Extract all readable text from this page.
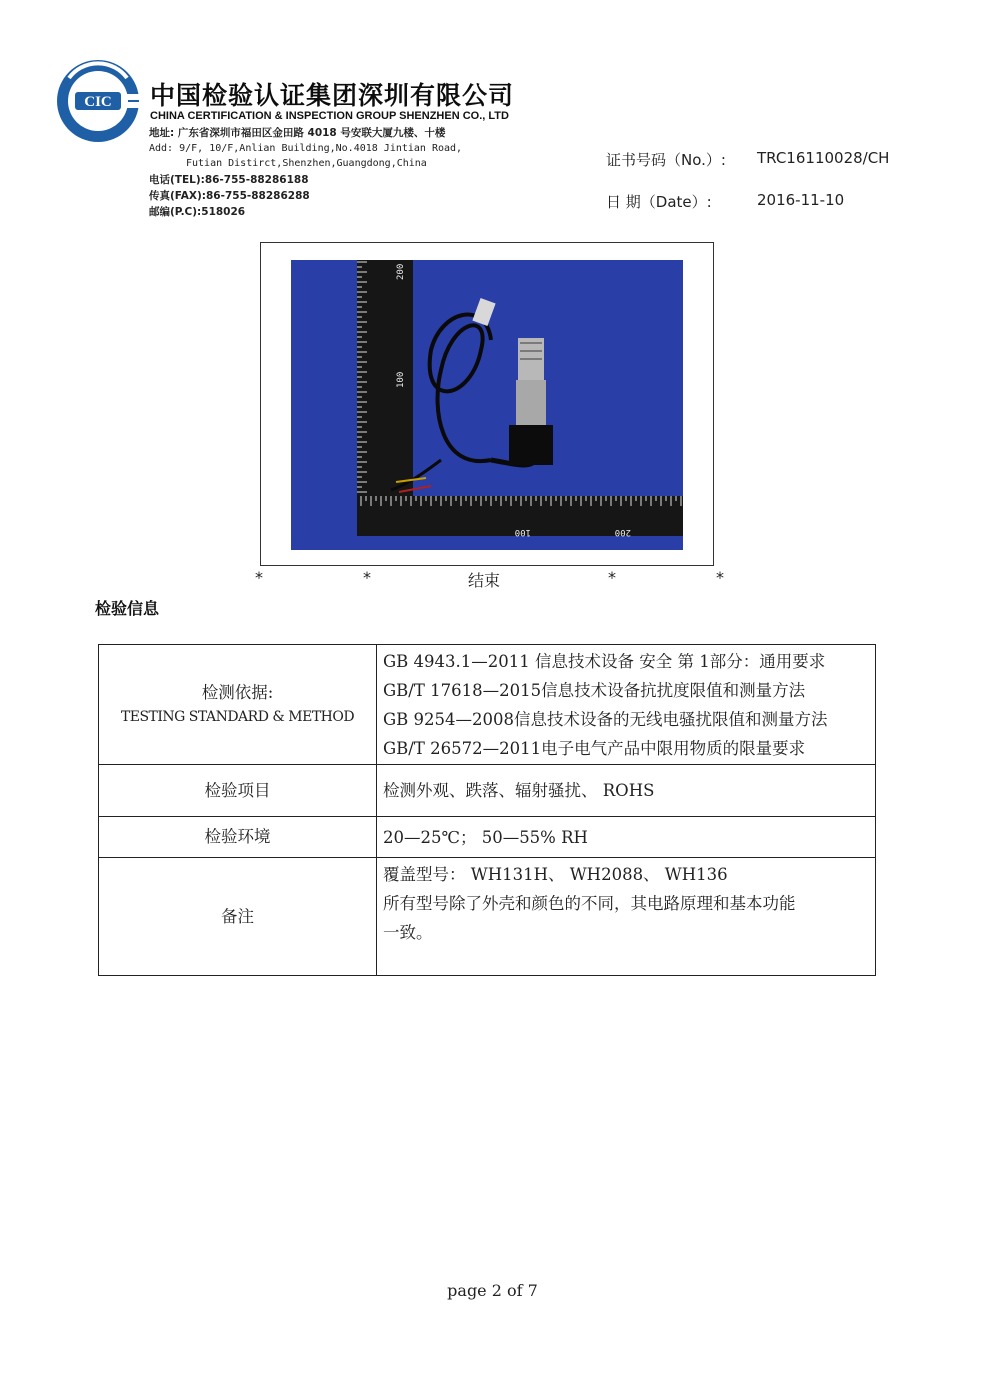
CIC 中国检验认证集团深圳有限公司
CHINA CERTIFICATION & INSPECTION GROUP SHENZHEN CO., LTD
地址: 广东省深圳市福田区金田路 4018 号安联大厦九楼、十楼
Add: 9/F, 10/F,Anlian Building,No.4018 Jintian Road,
Futian Distirct,Shenzhen,Guangdong,China
电话(TEL):86-755-88286188
传真(FAX):86-755-88286288
邮编(P.C):518026
证书号码（No.）: TRC16110028/CH
日 期（Date）:	2016-11-10
200
100
100	200
*	*	结束	*	*
检验信息
检测依据:
TESTING STANDARD & METHOD	GB 4943.1—2011 信息技术设备 安全 第 1部分：通用要求
GB/T 17618—2015信息技术设备抗扰度限值和测量方法
GB 9254—2008信息技术设备的无线电骚扰限值和测量方法
GB/T 26572—2011电子电气产品中限用物质的限量要求

检验项目	检测外观、跌落、辐射骚扰、 ROHS
检验环境	20—25℃； 50—55% RH
备注	覆盖型号： WH131H、 WH2088、 WH136
所有型号除了外壳和颜色的不同，其电路原理和基本功能
一致。
page 2 of 7
